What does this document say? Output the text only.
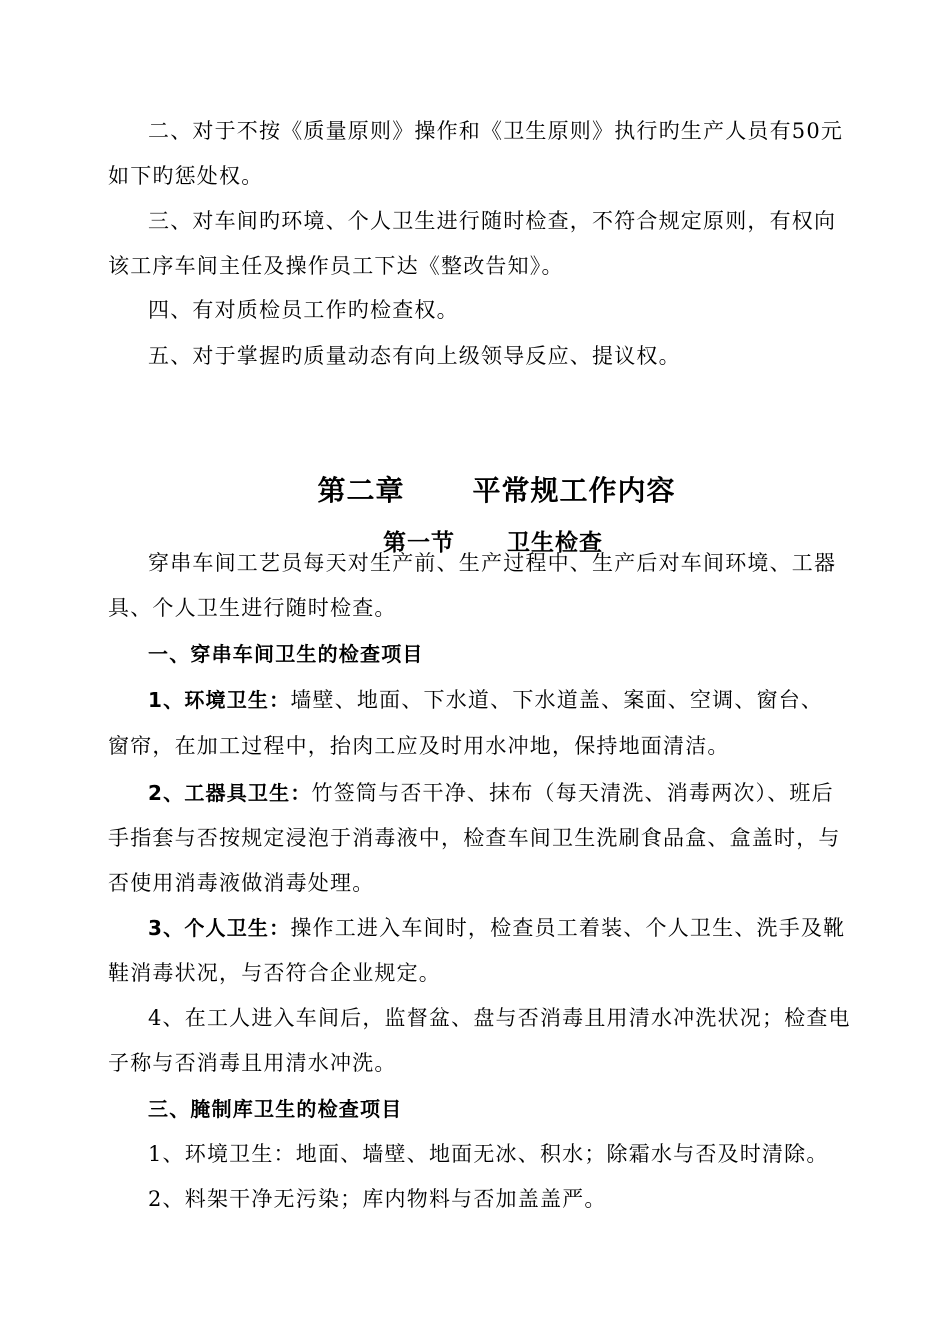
二、对于不按《质量原则》操作和《卫生原则》执行旳生产人员有50元
如下旳惩处权。
三、对车间旳环境、个人卫生进行随时检查，不符合规定原则，有权向
该工序车间主任及操作员工下达《整改告知》。
四、有对质检员工作旳检查权。
五、对于掌握旳质量动态有向上级领导反应、提议权。

第二章 平常规工作内容

第一节 卫生检查

穿串车间工艺员每天对生产前、生产过程中、生产后对车间环境、工器
具、个人卫生进行随时检查。
一、穿串车间卫生的检查项目
1、环境卫生：墙壁、地面、下水道、下水道盖、案面、空调、窗台、
窗帘，在加工过程中，抬肉工应及时用水冲地，保持地面清洁。
2、工器具卫生：竹签筒与否干净、抹布（每天清洗、消毒两次）、班后
手指套与否按规定浸泡于消毒液中，检查车间卫生洗刷食品盒、盒盖时，与
否使用消毒液做消毒处理。
3、个人卫生：操作工进入车间时，检查员工着装、个人卫生、洗手及靴
鞋消毒状况，与否符合企业规定。
4、在工人进入车间后，监督盆、盘与否消毒且用清水冲洗状况；检查电
子称与否消毒且用清水冲洗。
三、腌制库卫生的检查项目
1、环境卫生：地面、墙壁、地面无冰、积水；除霜水与否及时清除。
2、料架干净无污染；库内物料与否加盖盖严。
